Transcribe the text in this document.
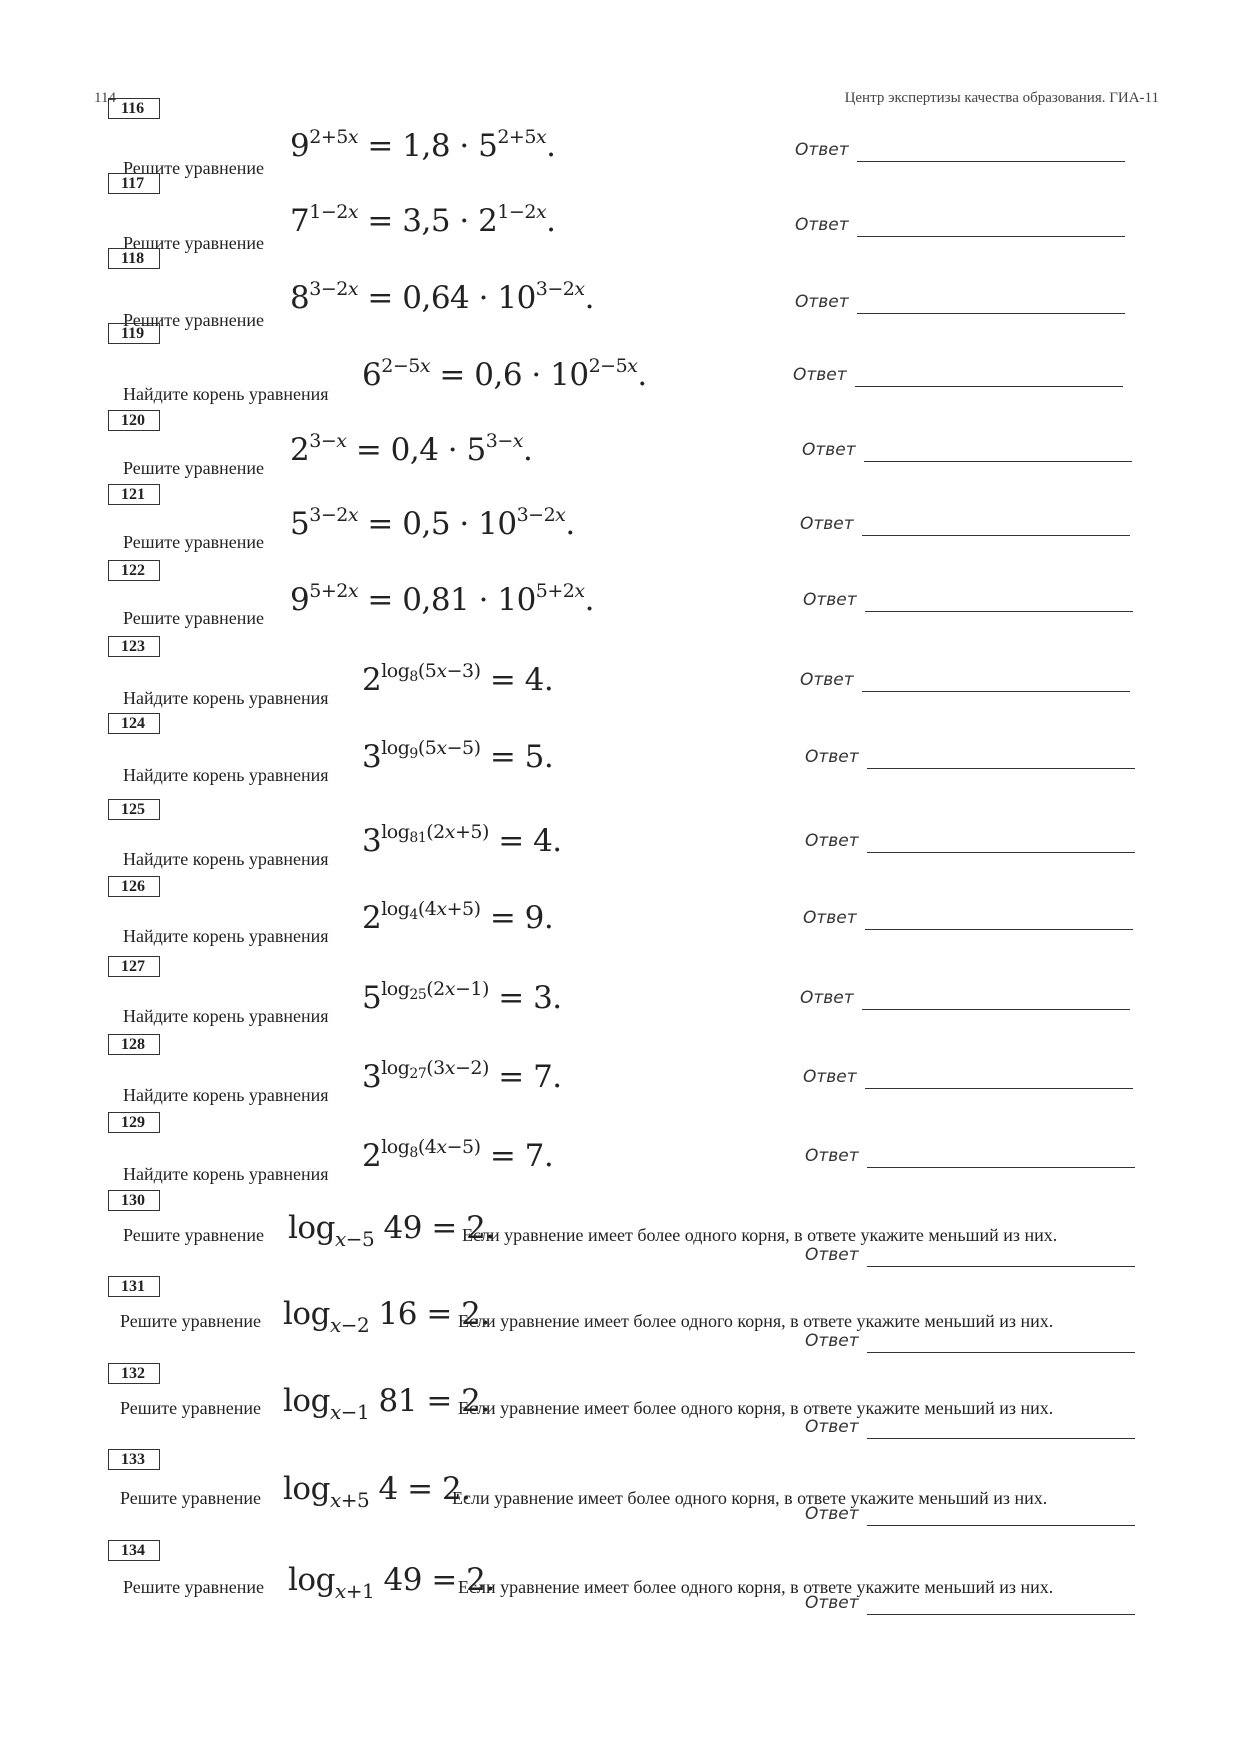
114	Центр экспертизы качества образования. ГИА-11
116
Решите уравнение
$9^{2+5x} = 1,8 \cdot 5^{2+5x}$.	Ответ
117
Решите уравнение
$7^{1-2x} = 3,5 \cdot 2^{1-2x}$.	Ответ
118
Решите уравнение
$8^{3-2x} = 0,64 \cdot 10^{3-2x}$.	Ответ
119
Найдите корень уравнения
$6^{2-5x} = 0,6 \cdot 10^{2-5x}$.	Ответ
120
Решите уравнение $2^{3-x} = 0,4 \cdot 5^{3-x}$.	Ответ
121
Решите уравнение $5^{3-2x} = 0,5 \cdot 10^{3-2x}$.	Ответ
122
Решите уравнение $9^{5+2x} = 0,81 \cdot 10^{5+2x}$.	Ответ
123
Найдите корень уравнения $2^{log_8(5x-3)} = 4$.	Ответ
124
Найдите корень уравнения $3^{log_9(5x-5)} = 5$.	Ответ
125
Найдите корень уравнения $3^{log_{81}(2x+5)} = 4$.	Ответ
126
Найдите корень уравнения $2^{log_4(4x+5)} = 9$.	Ответ
127
Найдите корень уравнения $5^{log_{25}(2x-1)} = 3$.	Ответ
128
Найдите корень уравнения $3^{log_{27}(3x-2)} = 7$.	Ответ
129
Найдите корень уравнения $2^{log_8(4x-5)} = 7$.	Ответ
130
Решите уравнение $\log_{x-5} 49 = 2$.
Если уравнение имеет более одного корня, в ответе укажите меньший из них.
Ответ
131
Решите уравнение $\log_{x-2} 16 = 2$.
Если уравнение имеет более одного корня, в ответе укажите меньший из них.
Ответ
132
Решите уравнение $\log_{x-1} 81 = 2$.
Если уравнение имеет более одного корня, в ответе укажите меньший из них.
Ответ
133
Решите уравнение $\log_{x+5} 4 = 2$.
Если уравнение имеет более одного корня, в ответе укажите меньший из них.
Ответ
134
Решите уравнение $\log_{x+1} 49 = 2$.
Если уравнение имеет более одного корня, в ответе укажите меньший из них.
Ответ
